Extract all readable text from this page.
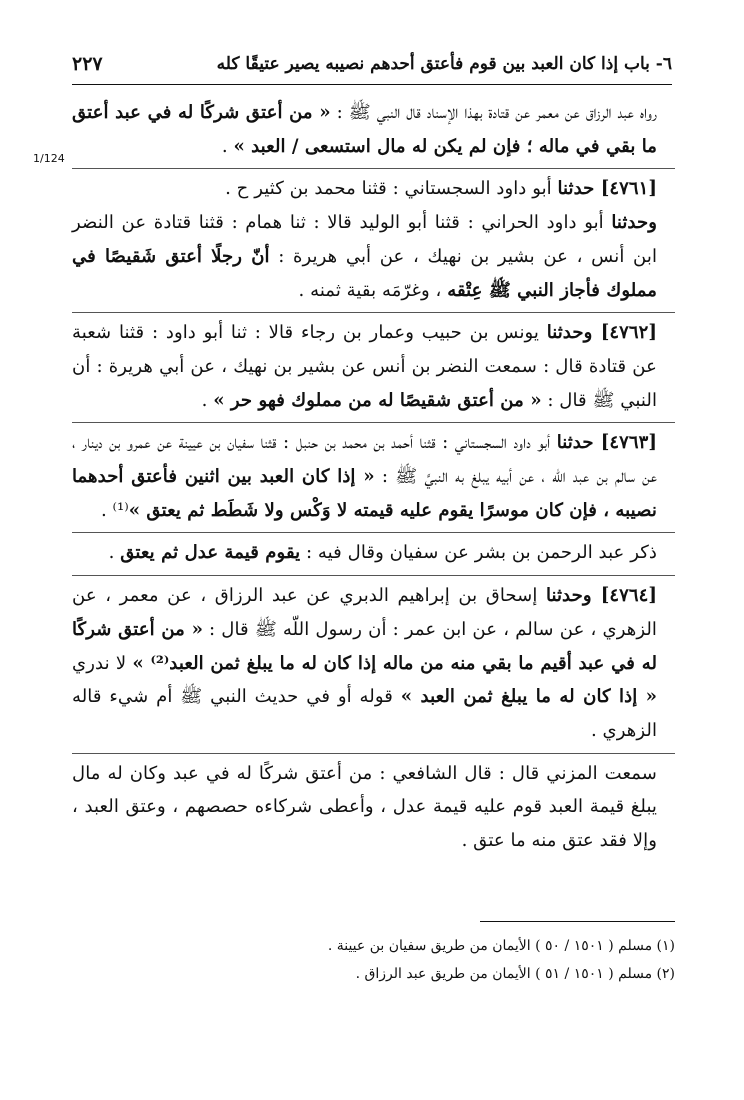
٢٢٧	٦- باب إذا كان العبد بين قوم فأعتق أحدهم نصيبه يصير عتيقًا كله
1/124

رواه عبد الرزاق عن معمر عن قتادة بهذا الإسناد قال النبي ﷺ : « من أعتق شركًا له في عبد أعتق ما بقي في ماله ؛ فإن لم يكن له مال استسعى / العبد » .

[٤٧٦١] حدثنا أبو داود السجستاني : قثنا محمد بن كثير ح .

وحدثنا أبو داود الحراني : قثنا أبو الوليد قالا : ثنا همام : قثنا قتادة عن النضر ابن أنس ، عن بشير بن نهيك ، عن أبي هريرة : أنّ رجلًا أعتق شَقيصًا في مملوك فأجاز النبي ﷺ عِتْقه ، وغرّمَه بقية ثمنه .

[٤٧٦٢] وحدثنا يونس بن حبيب وعمار بن رجاء قالا : ثنا أبو داود : قثنا شعبة عن قتادة قال : سمعت النضر بن أنس عن بشير بن نهيك ، عن أبي هريرة : أن النبي ﷺ قال : « من أعتق شقيصًا له من مملوك فهو حر » .

[٤٧٦٣] حدثنا أبو داود السجستاني : قثنا أحمد بن محمد بن حنبل : قثنا سفيان بن عيينة عن عمرو بن دينار ، عن سالم بن عبد اللّه ، عن أبيه يبلغ به النبيَّ ﷺ : « إذا كان العبد بين اثنين فأعتق أحدهما نصيبه ، فإن كان موسرًا يقوم عليه قيمته لا وَكْس ولا شَطَط ثم يعتق »⁽¹⁾ .

ذكر عبد الرحمن بن بشر عن سفيان وقال فيه : يقوم قيمة عدل ثم يعتق .

[٤٧٦٤] وحدثنا إسحاق بن إبراهيم الدبري عن عبد الرزاق ، عن معمر ، عن الزهري ، عن سالم ، عن ابن عمر : أن رسول اللّه ﷺ قال : « من أعتق شركًا له في عبد أقيم ما بقي منه من ماله إذا كان له ما يبلغ ثمن العبد⁽²⁾ » لا ندري « إذا كان له ما يبلغ ثمن العبد » قوله أو في حديث النبي ﷺ أم شيء قاله الزهري .

سمعت المزني قال : قال الشافعي : من أعتق شركًا له في عبد وكان له مال يبلغ قيمة العبد قوم عليه قيمة عدل ، وأعطى شركاءه حصصهم ، وعتق العبد ، وإلا فقد عتق منه ما عتق .

(١) مسلم ( ١٥٠١ / ٥٠ ) الأيمان من طريق سفيان بن عيينة .
(٢) مسلم ( ١٥٠١ / ٥١ ) الأيمان من طريق عبد الرزاق .
